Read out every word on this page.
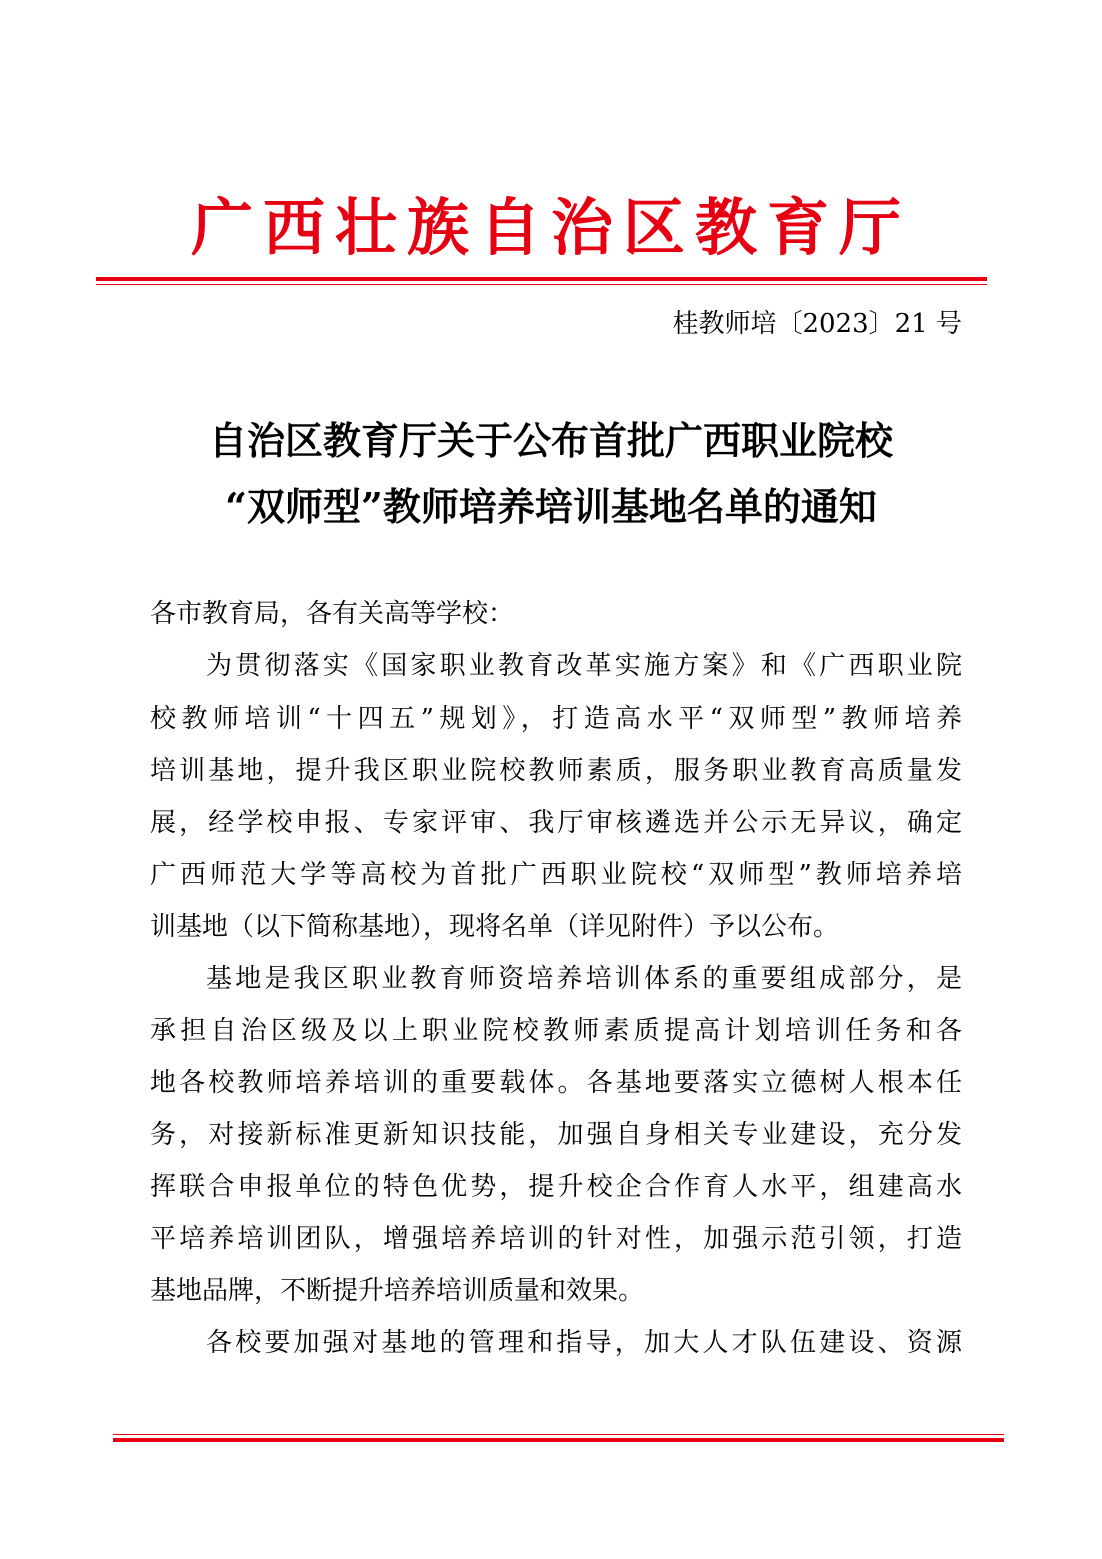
广西壮族自治区教育厅
桂教师培〔2023〕21 号
自治区教育厅关于公布首批广西职业院校
“双师型”教师培养培训基地名单的通知
各市教育局，各有关高等学校：
为贯彻落实《国家职业教育改革实施方案》和《广西职业院
校教师培训“十四五”规划》，打造高水平“双师型”教师培养
培训基地，提升我区职业院校教师素质，服务职业教育高质量发
展，经学校申报、专家评审、我厅审核遴选并公示无异议，确定
广西师范大学等高校为首批广西职业院校“双师型”教师培养培
训基地（以下简称基地），现将名单（详见附件）予以公布。
基地是我区职业教育师资培养培训体系的重要组成部分，是
承担自治区级及以上职业院校教师素质提高计划培训任务和各
地各校教师培养培训的重要载体。各基地要落实立德树人根本任
务，对接新标准更新知识技能，加强自身相关专业建设，充分发
挥联合申报单位的特色优势，提升校企合作育人水平，组建高水
平培养培训团队，增强培养培训的针对性，加强示范引领，打造
基地品牌，不断提升培养培训质量和效果。
各校要加强对基地的管理和指导，加大人才队伍建设、资源
